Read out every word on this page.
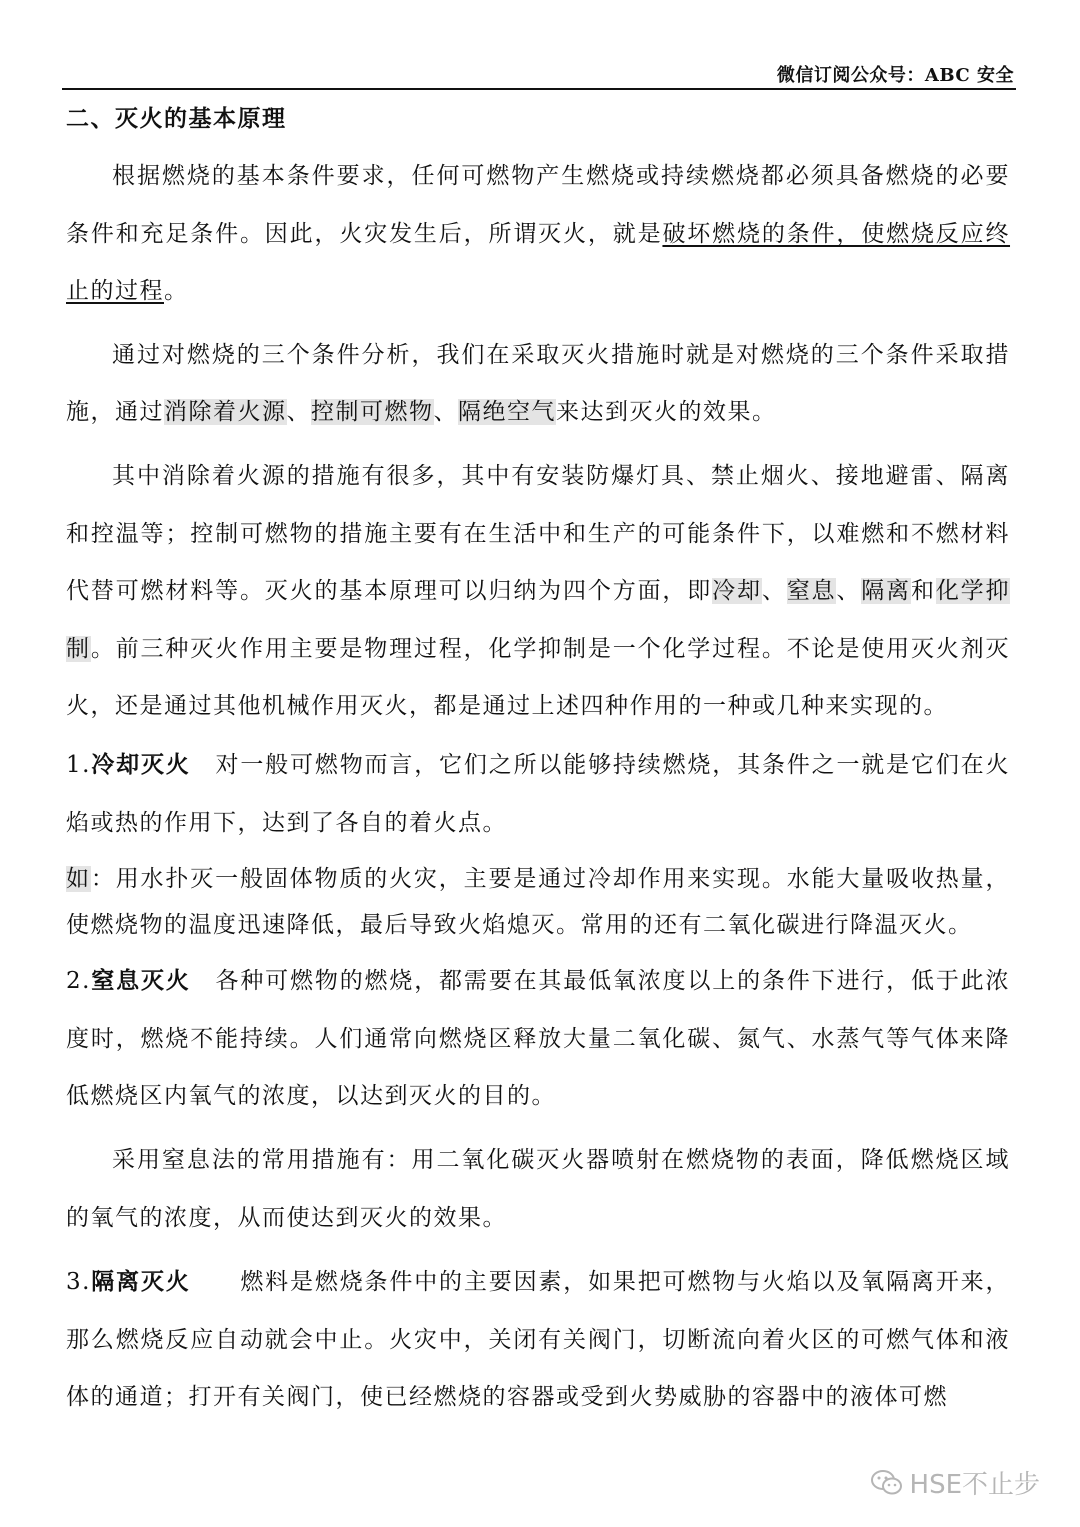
微信订阅公众号：ABC 安全
二、灭火的基本原理

根据燃烧的基本条件要求，任何可燃物产生燃烧或持续燃烧都必须具备燃烧的必要条件和充足条件。因此，火灾发生后，所谓灭火，就是破坏燃烧的条件，使燃烧反应终止的过程。

通过对燃烧的三个条件分析，我们在采取灭火措施时就是对燃烧的三个条件采取措施，通过消除着火源、控制可燃物、隔绝空气来达到灭火的效果。

其中消除着火源的措施有很多，其中有安装防爆灯具、禁止烟火、接地避雷、隔离和控温等；控制可燃物的措施主要有在生活中和生产的可能条件下，以难燃和不燃材料代替可燃材料等。灭火的基本原理可以归纳为四个方面，即冷却、窒息、隔离和化学抑制。前三种灭火作用主要是物理过程，化学抑制是一个化学过程。不论是使用灭火剂灭火，还是通过其他机械作用灭火，都是通过上述四种作用的一种或几种来实现的。

1.冷却灭火　对一般可燃物而言，它们之所以能够持续燃烧，其条件之一就是它们在火焰或热的作用下，达到了各自的着火点。

如：用水扑灭一般固体物质的火灾，主要是通过冷却作用来实现。水能大量吸收热量，使燃烧物的温度迅速降低，最后导致火焰熄灭。常用的还有二氧化碳进行降温灭火。

2.窒息灭火　各种可燃物的燃烧，都需要在其最低氧浓度以上的条件下进行，低于此浓度时，燃烧不能持续。人们通常向燃烧区释放大量二氧化碳、氮气、水蒸气等气体来降低燃烧区内氧气的浓度，以达到灭火的目的。

采用窒息法的常用措施有：用二氧化碳灭火器喷射在燃烧物的表面，降低燃烧区域的氧气的浓度，从而使达到灭火的效果。

3.隔离灭火　　燃料是燃烧条件中的主要因素，如果把可燃物与火焰以及氧隔离开来，那么燃烧反应自动就会中止。火灾中，关闭有关阀门，切断流向着火区的可燃气体和液体的通道；打开有关阀门，使已经燃烧的容器或受到火势威胁的容器中的液体可燃

HSE不止步
